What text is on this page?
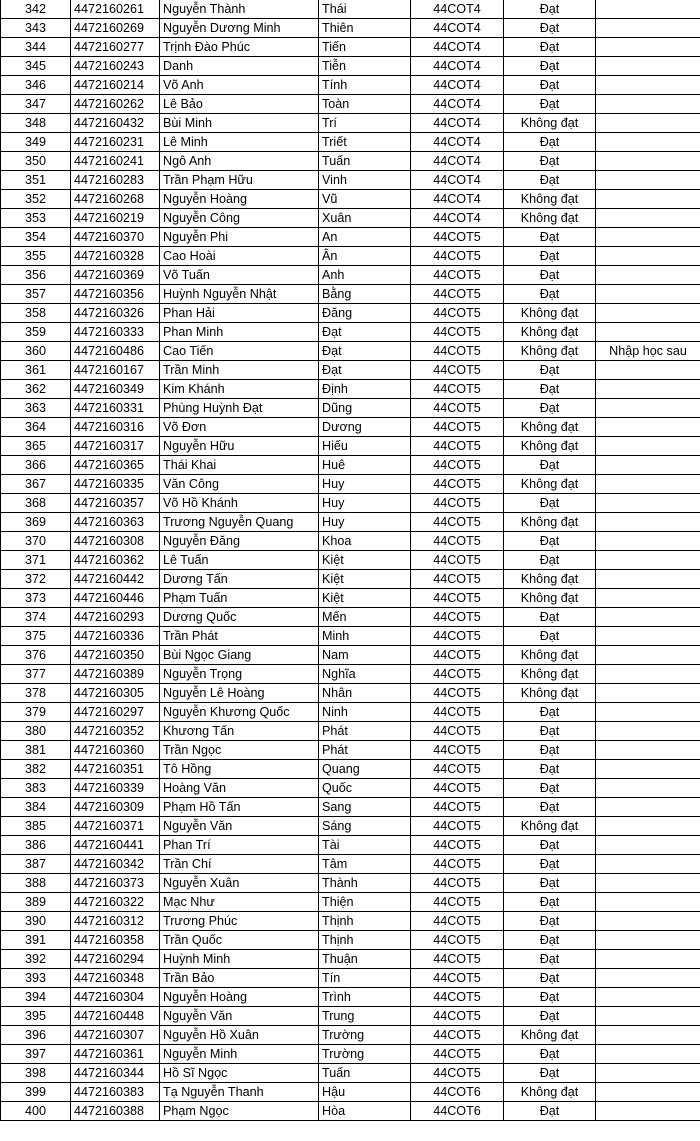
342	4472160261	Nguyễn Thành	Thái	44COT4	Đạt	
343	4472160269	Nguyễn Dương Minh	Thiên	44COT4	Đạt	
344	4472160277	Trịnh Đào Phúc	Tiến	44COT4	Đạt	
345	4472160243	Danh	Tiễn	44COT4	Đạt	
346	4472160214	Võ Anh	Tính	44COT4	Đạt	
347	4472160262	Lê Bảo	Toàn	44COT4	Đạt	
348	4472160432	Bùi Minh	Trí	44COT4	Không đạt	
349	4472160231	Lê Minh	Triết	44COT4	Đạt	
350	4472160241	Ngô Anh	Tuấn	44COT4	Đạt	
351	4472160283	Trần Phạm Hữu	Vinh	44COT4	Đạt	
352	4472160268	Nguyễn Hoàng	Vũ	44COT4	Không đạt	
353	4472160219	Nguyễn Công	Xuân	44COT4	Không đạt	
354	4472160370	Nguyễn Phi	An	44COT5	Đạt	
355	4472160328	Cao Hoài	Ân	44COT5	Đạt	
356	4472160369	Võ Tuấn	Anh	44COT5	Đạt	
357	4472160356	Huỳnh Nguyễn Nhật	Bằng	44COT5	Đạt	
358	4472160326	Phan Hải	Đăng	44COT5	Không đạt	
359	4472160333	Phan Minh	Đạt	44COT5	Không đạt	
360	4472160486	Cao Tiến	Đạt	44COT5	Không đạt	Nhập học sau
361	4472160167	Trần Minh	Đạt	44COT5	Đạt	
362	4472160349	Kim Khánh	Định	44COT5	Đạt	
363	4472160331	Phùng Huỳnh Đạt	Dũng	44COT5	Đạt	
364	4472160316	Võ Đơn	Dương	44COT5	Không đạt	
365	4472160317	Nguyễn Hữu	Hiếu	44COT5	Không đạt	
366	4472160365	Thái Khai	Huê	44COT5	Đạt	
367	4472160335	Văn Công	Huy	44COT5	Không đạt	
368	4472160357	Võ Hồ Khánh	Huy	44COT5	Đạt	
369	4472160363	Trương Nguyễn Quang	Huy	44COT5	Không đạt	
370	4472160308	Nguyễn Đăng	Khoa	44COT5	Đạt	
371	4472160362	Lê Tuấn	Kiệt	44COT5	Đạt	
372	4472160442	Dương Tấn	Kiệt	44COT5	Không đạt	
373	4472160446	Phạm Tuấn	Kiệt	44COT5	Không đạt	
374	4472160293	Dương Quốc	Mến	44COT5	Đạt	
375	4472160336	Trần Phát	Minh	44COT5	Đạt	
376	4472160350	Bùi Ngọc Giang	Nam	44COT5	Không đạt	
377	4472160389	Nguyễn Trọng	Nghĩa	44COT5	Không đạt	
378	4472160305	Nguyễn Lê Hoàng	Nhân	44COT5	Không đạt	
379	4472160297	Nguyễn Khương Quốc	Ninh	44COT5	Đạt	
380	4472160352	Khương Tấn	Phát	44COT5	Đạt	
381	4472160360	Trần Ngọc	Phát	44COT5	Đạt	
382	4472160351	Tô Hồng	Quang	44COT5	Đạt	
383	4472160339	Hoàng Văn	Quốc	44COT5	Đạt	
384	4472160309	Phạm Hồ Tấn	Sang	44COT5	Đạt	
385	4472160371	Nguyễn Văn	Sáng	44COT5	Không đạt	
386	4472160441	Phan Trí	Tài	44COT5	Đạt	
387	4472160342	Trần Chí	Tâm	44COT5	Đạt	
388	4472160373	Nguyễn Xuân	Thành	44COT5	Đạt	
389	4472160322	Mạc Như	Thiện	44COT5	Đạt	
390	4472160312	Trương Phúc	Thịnh	44COT5	Đạt	
391	4472160358	Trần Quốc	Thịnh	44COT5	Đạt	
392	4472160294	Huỳnh Minh	Thuận	44COT5	Đạt	
393	4472160348	Trần Bảo	Tín	44COT5	Đạt	
394	4472160304	Nguyễn Hoàng	Trình	44COT5	Đạt	
395	4472160448	Nguyễn Văn	Trung	44COT5	Đạt	
396	4472160307	Nguyễn Hồ Xuân	Trường	44COT5	Không đạt	
397	4472160361	Nguyễn Minh	Trường	44COT5	Đạt	
398	4472160344	Hồ Sĩ Ngọc	Tuấn	44COT5	Đạt	
399	4472160383	Tạ Nguyễn Thanh	Hậu	44COT6	Không đạt	
400	4472160388	Phạm Ngọc	Hòa	44COT6	Đạt	
